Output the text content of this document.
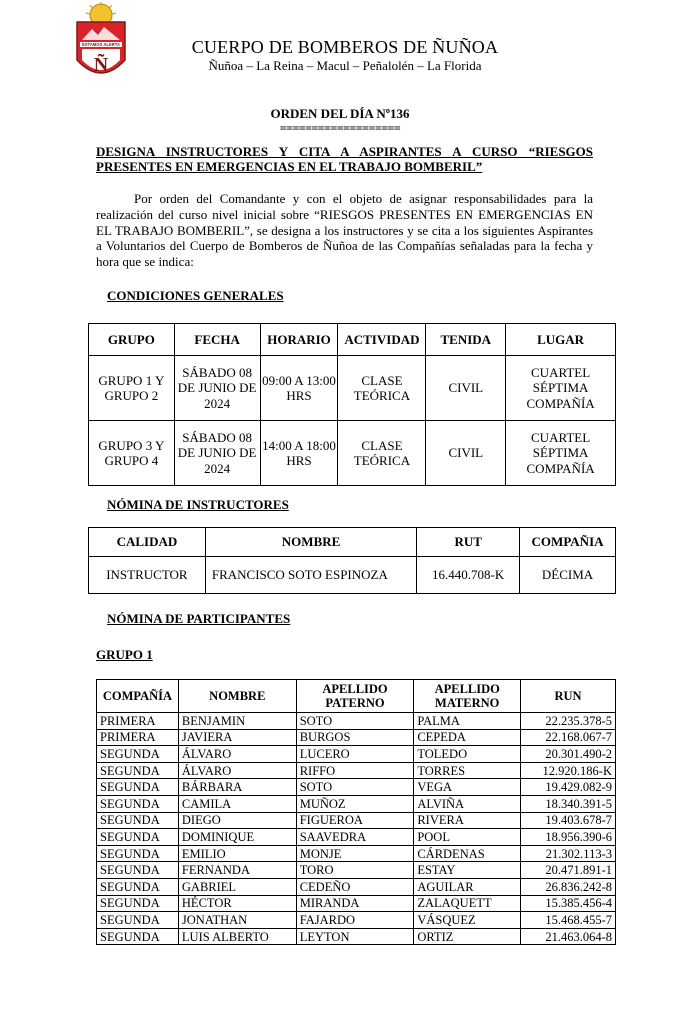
ESTAMOS ALERTA
Ñ
CUERPO DE BOMBEROS DE ÑUÑOA
Ñuñoa – La Reina – Macul – Peñalolén – La Florida
ORDEN DEL DÍA Nº136
===================
DESIGNA INSTRUCTORES Y CITA A ASPIRANTES A CURSO “RIESGOS PRESENTES EN EMERGENCIAS EN EL TRABAJO BOMBERIL”
Por orden del Comandante y con el objeto de asignar responsabilidades para la realización del curso nivel inicial sobre “RIESGOS PRESENTES EN EMERGENCIAS EN EL TRABAJO BOMBERIL”, se designa a los instructores y se cita a los siguientes Aspirantes a Voluntarios del Cuerpo de Bomberos de Ñuñoa de las Compañías señaladas para la fecha y hora que se indica:
CONDICIONES GENERALES
GRUPO	FECHA	HORARIO	ACTIVIDAD	TENIDA	LUGAR
GRUPO 1 Y GRUPO 2	SÁBADO 08 DE JUNIO DE 2024	09:00 A 13:00 HRS	CLASE TEÓRICA	CIVIL	CUARTEL SÉPTIMA COMPAÑÍA
GRUPO 3 Y GRUPO 4	SÁBADO 08 DE JUNIO DE 2024	14:00 A 18:00 HRS	CLASE TEÓRICA	CIVIL	CUARTEL SÉPTIMA COMPAÑÍA
NÓMINA DE INSTRUCTORES
CALIDAD	NOMBRE	RUT	COMPAÑIA
INSTRUCTOR	FRANCISCO SOTO ESPINOZA	16.440.708-K	DÉCIMA
NÓMINA DE PARTICIPANTES
GRUPO 1
COMPAÑÍA	NOMBRE	APELLIDO PATERNO	APELLIDO MATERNO	RUN
PRIMERA	BENJAMIN	SOTO	PALMA	22.235.378-5
PRIMERA	JAVIERA	BURGOS	CEPEDA	22.168.067-7
SEGUNDA	ÁLVARO	LUCERO	TOLEDO	20.301.490-2
SEGUNDA	ÁLVARO	RIFFO	TORRES	12.920.186-K
SEGUNDA	BÁRBARA	SOTO	VEGA	19.429.082-9
SEGUNDA	CAMILA	MUÑOZ	ALVIÑA	18.340.391-5
SEGUNDA	DIEGO	FIGUEROA	RIVERA	19.403.678-7
SEGUNDA	DOMINIQUE	SAAVEDRA	POOL	18.956.390-6
SEGUNDA	EMILIO	MONJE	CÁRDENAS	21.302.113-3
SEGUNDA	FERNANDA	TORO	ESTAY	20.471.891-1
SEGUNDA	GABRIEL	CEDEÑO	AGUILAR	26.836.242-8
SEGUNDA	HÉCTOR	MIRANDA	ZALAQUETT	15.385.456-4
SEGUNDA	JONATHAN	FAJARDO	VÁSQUEZ	15.468.455-7
SEGUNDA	LUIS ALBERTO	LEYTON	ORTIZ	21.463.064-8
